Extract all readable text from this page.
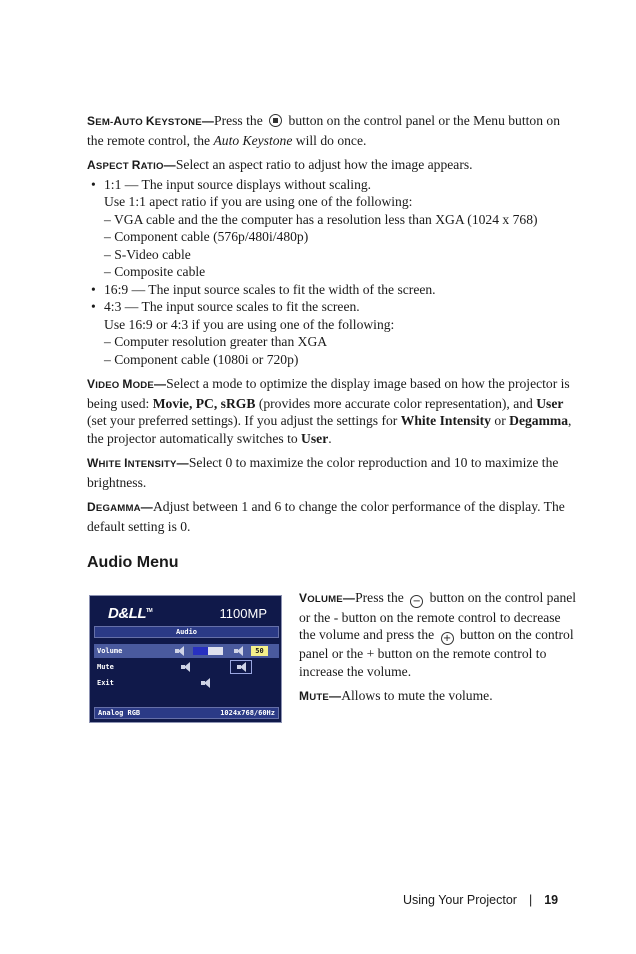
SEM-AUTO KEYSTONE—Press the button on the control panel or the Menu button on the remote control, the Auto Keystone will do once.

ASPECT RATIO—Select an aspect ratio to adjust how the image appears.

• 1:1 — The input source displays without scaling.

Use 1:1 apect ratio if you are using one of the following:

– VGA cable and the the computer has a resolution less than XGA (1024 x 768)

– Component cable (576p/480i/480p)

– S-Video cable

– Composite cable

• 16:9 — The input source scales to fit the width of the screen.

• 4:3 — The input source scales to fit the screen.

Use 16:9 or 4:3 if you are using one of the following:

– Computer resolution greater than XGA

– Component cable (1080i or 720p)

VIDEO MODE—Select a mode to optimize the display image based on how the projector is being used: Movie, PC, sRGB (provides more accurate color representation), and User (set your preferred settings). If you adjust the settings for White Intensity or Degamma, the projector automatically switches to User.

WHITE INTENSITY—Select 0 to maximize the color reproduction and 10 to maximize the brightness.

DEGAMMA—Adjust between 1 and 6 to change the color performance of the display. The default setting is 0.

Audio Menu
D&LL™	1100MP
Audio
Volume	50
Mute
Exit
Analog RGB	1024x768/60Hz

VOLUME—Press the − button on the control panel or the - button on the remote control to decrease the volume and press the + button on the control panel or the + button on the remote control to increase the volume.

MUTE—Allows to mute the volume.

Using Your Projector | 19
